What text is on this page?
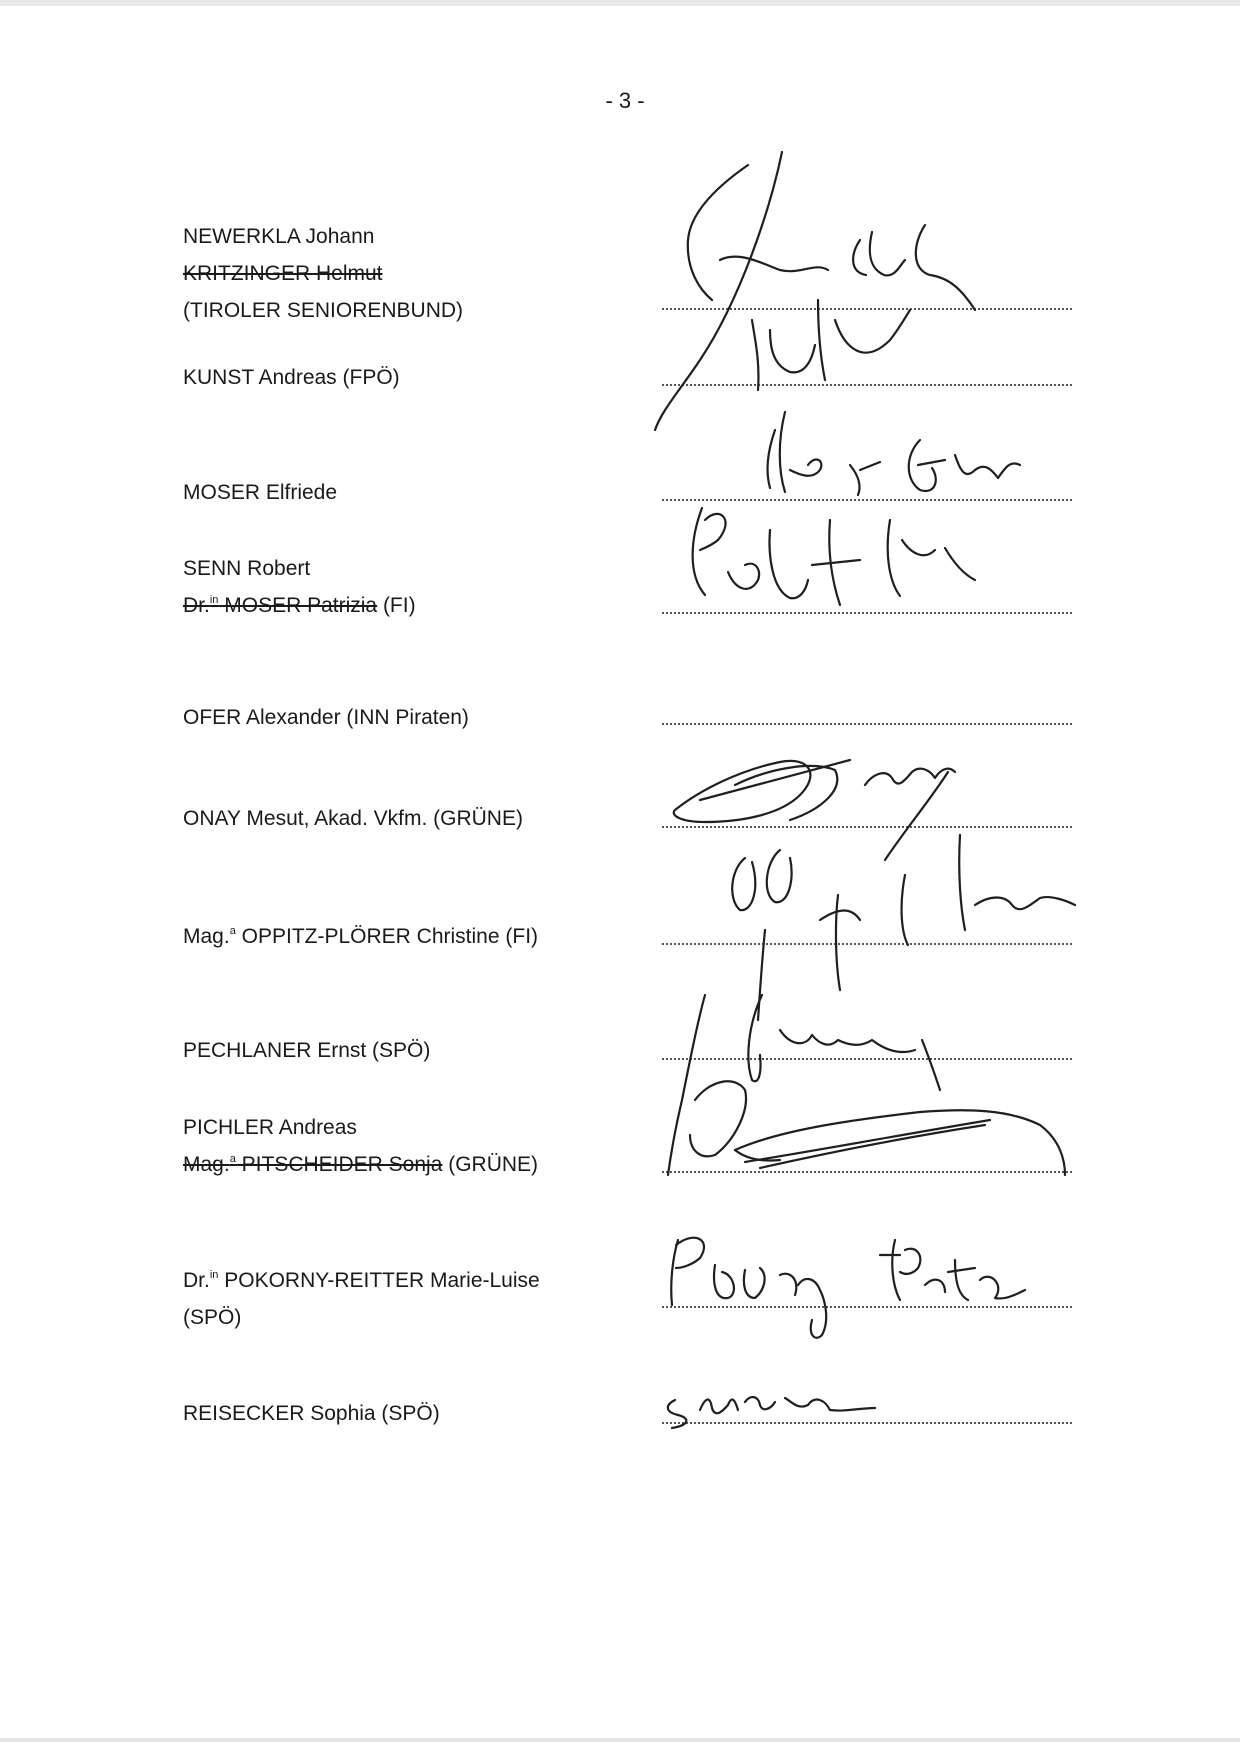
- 3 -
NEWERKLA Johann
KRITZINGER Helmut
(TIROLER SENIORENBUND)
KUNST Andreas (FPÖ)
MOSER Elfriede
SENN Robert
Dr.$^{in}$ MOSER Patrizia (FI)
OFER Alexander (INN Piraten)
ONAY Mesut, Akad. Vkfm. (GRÜNE)
Mag.$^a$ OPPITZ-PLÖRER Christine (FI)
PECHLANER Ernst (SPÖ)
PICHLER Andreas
Mag.$^a$ PITSCHEIDER Sonja (GRÜNE)
Dr.$^{in}$ POKORNY-REITTER Marie-Luise
(SPÖ)
REISECKER Sophia (SPÖ)
